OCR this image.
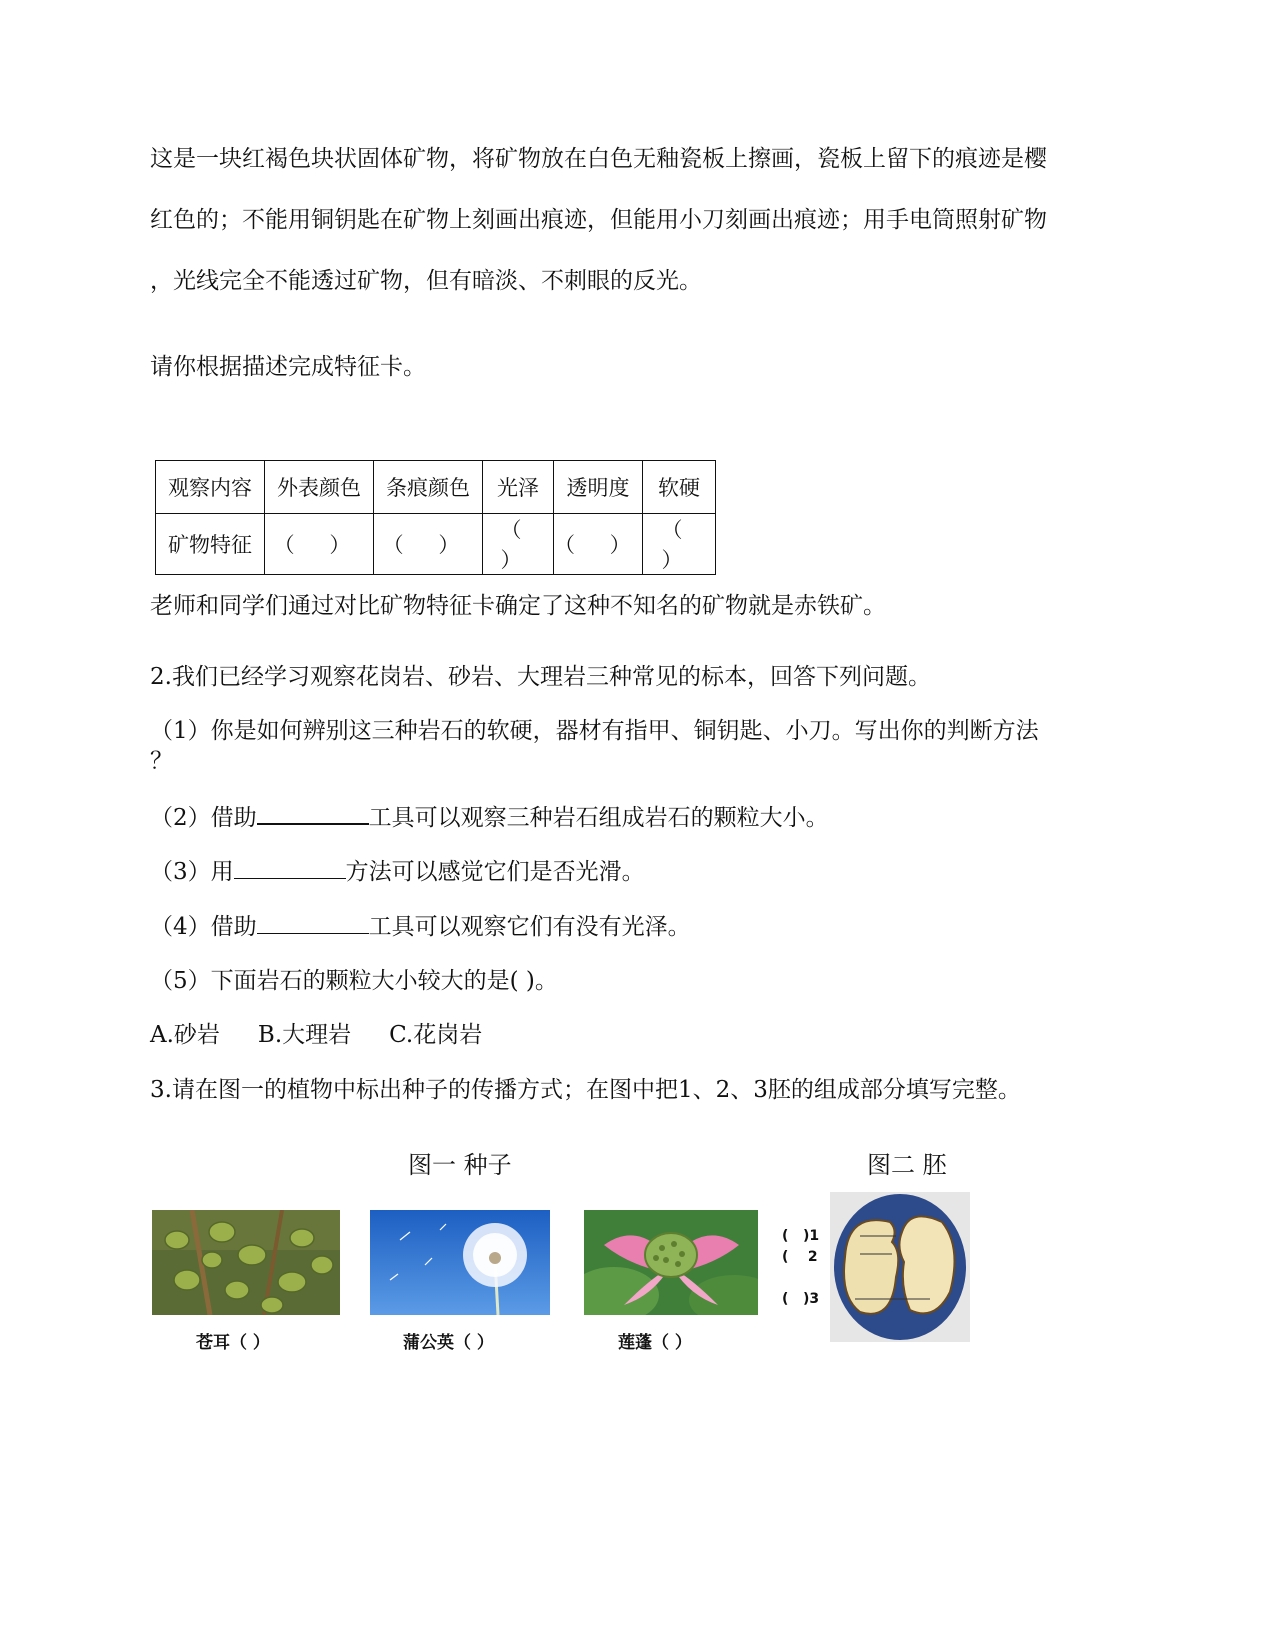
这是一块红褐色块状固体矿物，将矿物放在白色无釉瓷板上擦画，瓷板上留下的痕迹是樱
红色的；不能用铜钥匙在矿物上刻画出痕迹，但能用小刀刻画出痕迹；用手电筒照射矿物
，光线完全不能透过矿物，但有暗淡、不刺眼的反光。
请你根据描述完成特征卡。
观察内容	外表颜色	条痕颜色	光泽	透明度	软硬
矿物特征	（ ）	（ ）	（ ）	（ ）	（ ）
老师和同学们通过对比矿物特征卡确定了这种不知名的矿物就是赤铁矿。
2.我们已经学习观察花岗岩、砂岩、大理岩三种常见的标本，回答下列问题。
（1）你是如何辨别这三种岩石的软硬，器材有指甲、铜钥匙、小刀。写出你的判断方法
？
（2）借助	工具可以观察三种岩石组成岩石的颗粒大小。
（3）用	方法可以感觉它们是否光滑。
（4）借助	工具可以观察它们有没有光泽。
（5）下面岩石的颗粒大小较大的是( )。
A.砂岩 B.大理岩 C.花岗岩
3.请在图一的植物中标出种子的传播方式；在图中把1、2、3胚的组成部分填写完整。
图一 种子	图二 胚
苍耳（ ）	蒲公英（ ）	莲蓬（ ）
(   )1
(    2
(   )3
